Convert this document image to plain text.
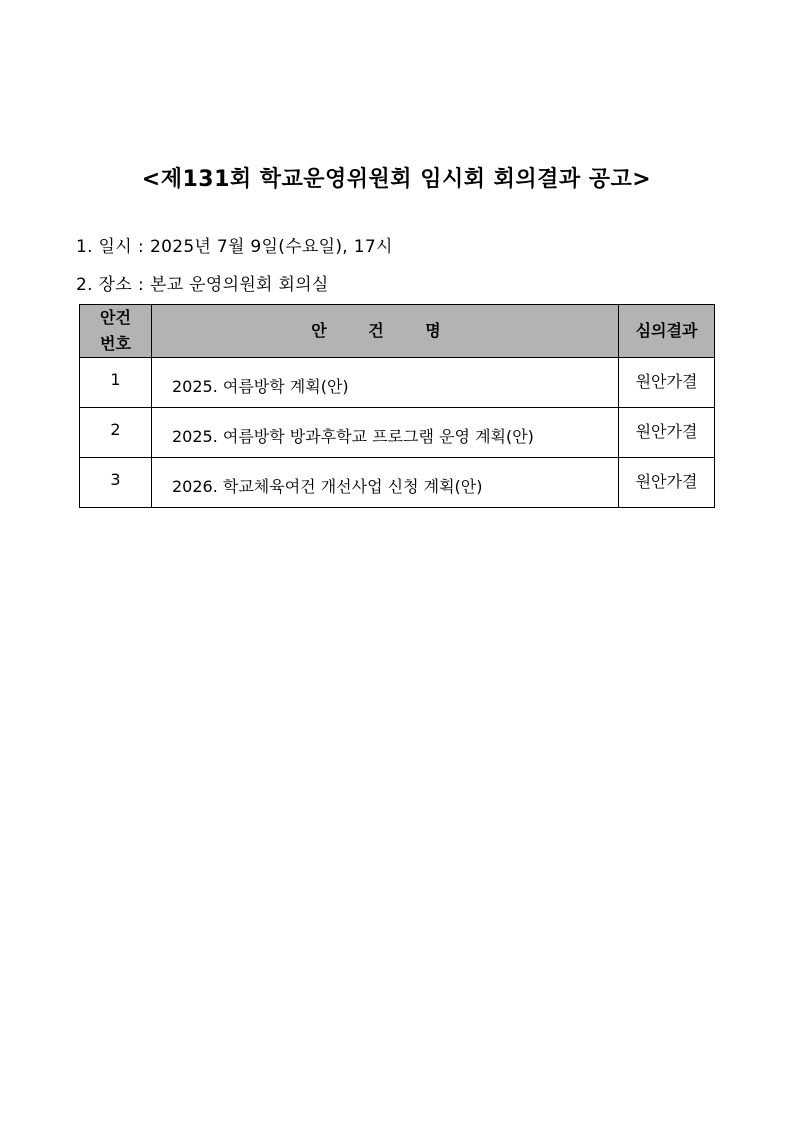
<제131회 학교운영위원회 임시회 회의결과 공고>
1. 일시 : 2025년 7월 9일(수요일), 17시
2. 장소 : 본교 운영의원회 회의실
안건
번호	안 건 명	심의결과
1	2025. 여름방학 계획(안)	원안가결
2	2025. 여름방학 방과후학교 프로그램 운영 계획(안)	원안가결
3	2026. 학교체육여건 개선사업 신청 계획(안)	원안가결
